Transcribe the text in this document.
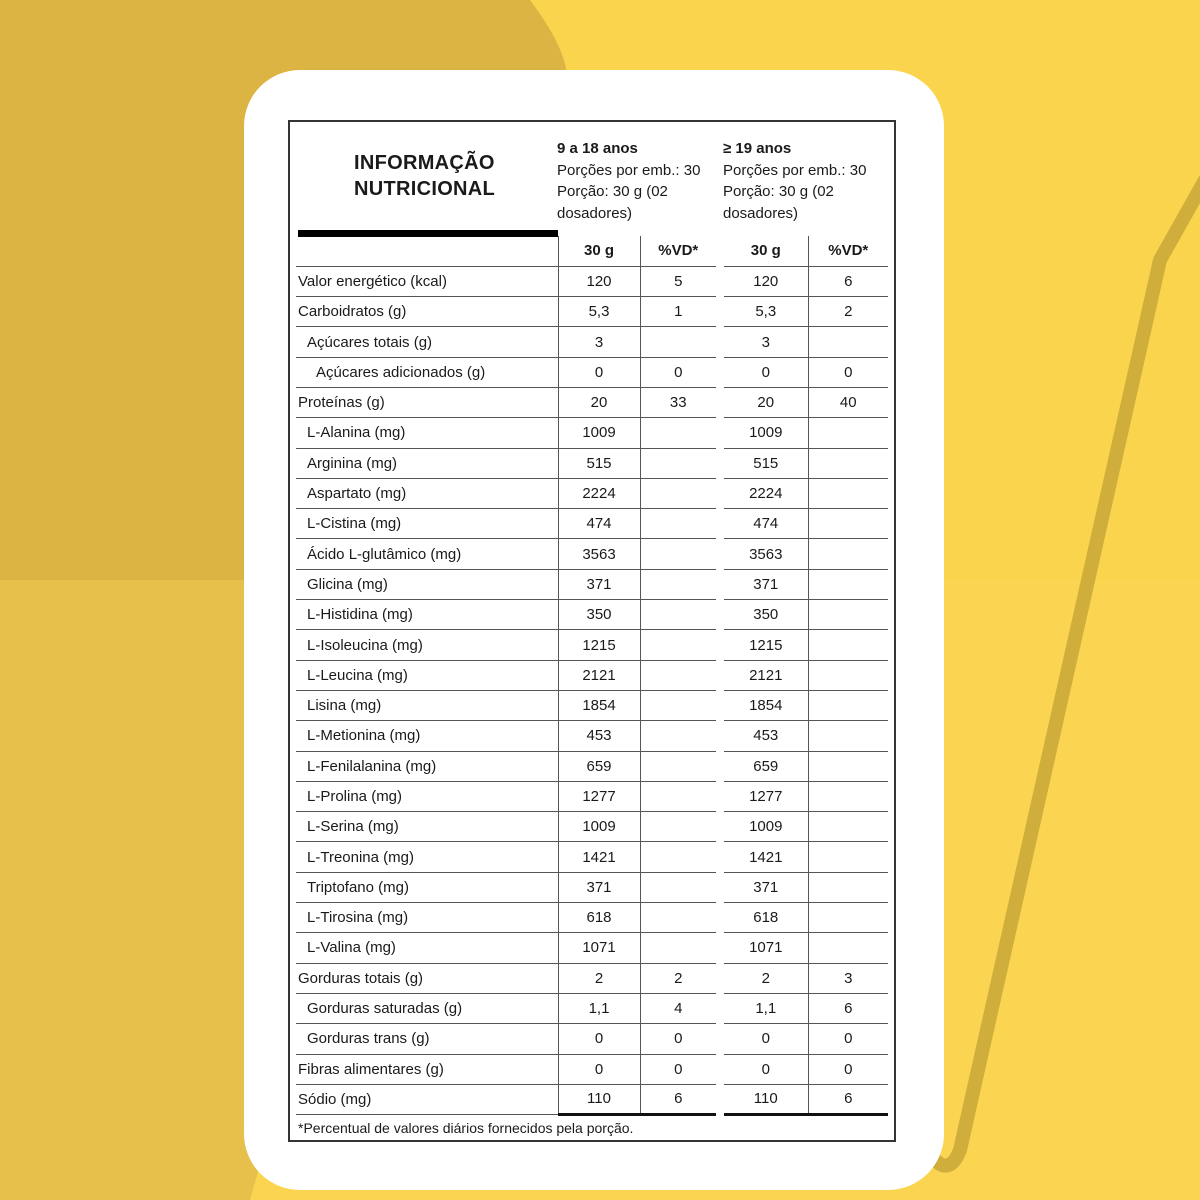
INFORMAÇÃO
NUTRICIONAL
9 a 18 anos
Porções por emb.: 30
Porção: 30 g (02
dosadores)
≥ 19 anos
Porções por emb.: 30
Porção: 30 g (02
dosadores)
	30 g	%VD*		30 g	%VD*
Valor energético (kcal)	120	5		120	6
Carboidratos (g)	5,3	1		5,3	2
Açúcares totais (g)	3			3	
Açúcares adicionados (g)	0	0		0	0
Proteínas (g)	20	33		20	40
L-Alanina (mg)	1009			1009	
Arginina (mg)	515			515	
Aspartato (mg)	2224			2224	
L-Cistina (mg)	474			474	
Ácido L-glutâmico (mg)	3563			3563	
Glicina (mg)	371			371	
L-Histidina (mg)	350			350	
L-Isoleucina (mg)	1215			1215	
L-Leucina (mg)	2121			2121	
Lisina (mg)	1854			1854	
L-Metionina (mg)	453			453	
L-Fenilalanina (mg)	659			659	
L-Prolina (mg)	1277			1277	
L-Serina (mg)	1009			1009	
L-Treonina (mg)	1421			1421	
Triptofano (mg)	371			371	
L-Tirosina (mg)	618			618	
L-Valina (mg)	1071			1071	
Gorduras totais (g)	2	2		2	3
Gorduras saturadas (g)	1,1	4		1,1	6
Gorduras trans (g)	0	0		0	0
Fibras alimentares (g)	0	0		0	0
Sódio (mg)	110	6		110	6
*Percentual de valores diários fornecidos pela porção.
